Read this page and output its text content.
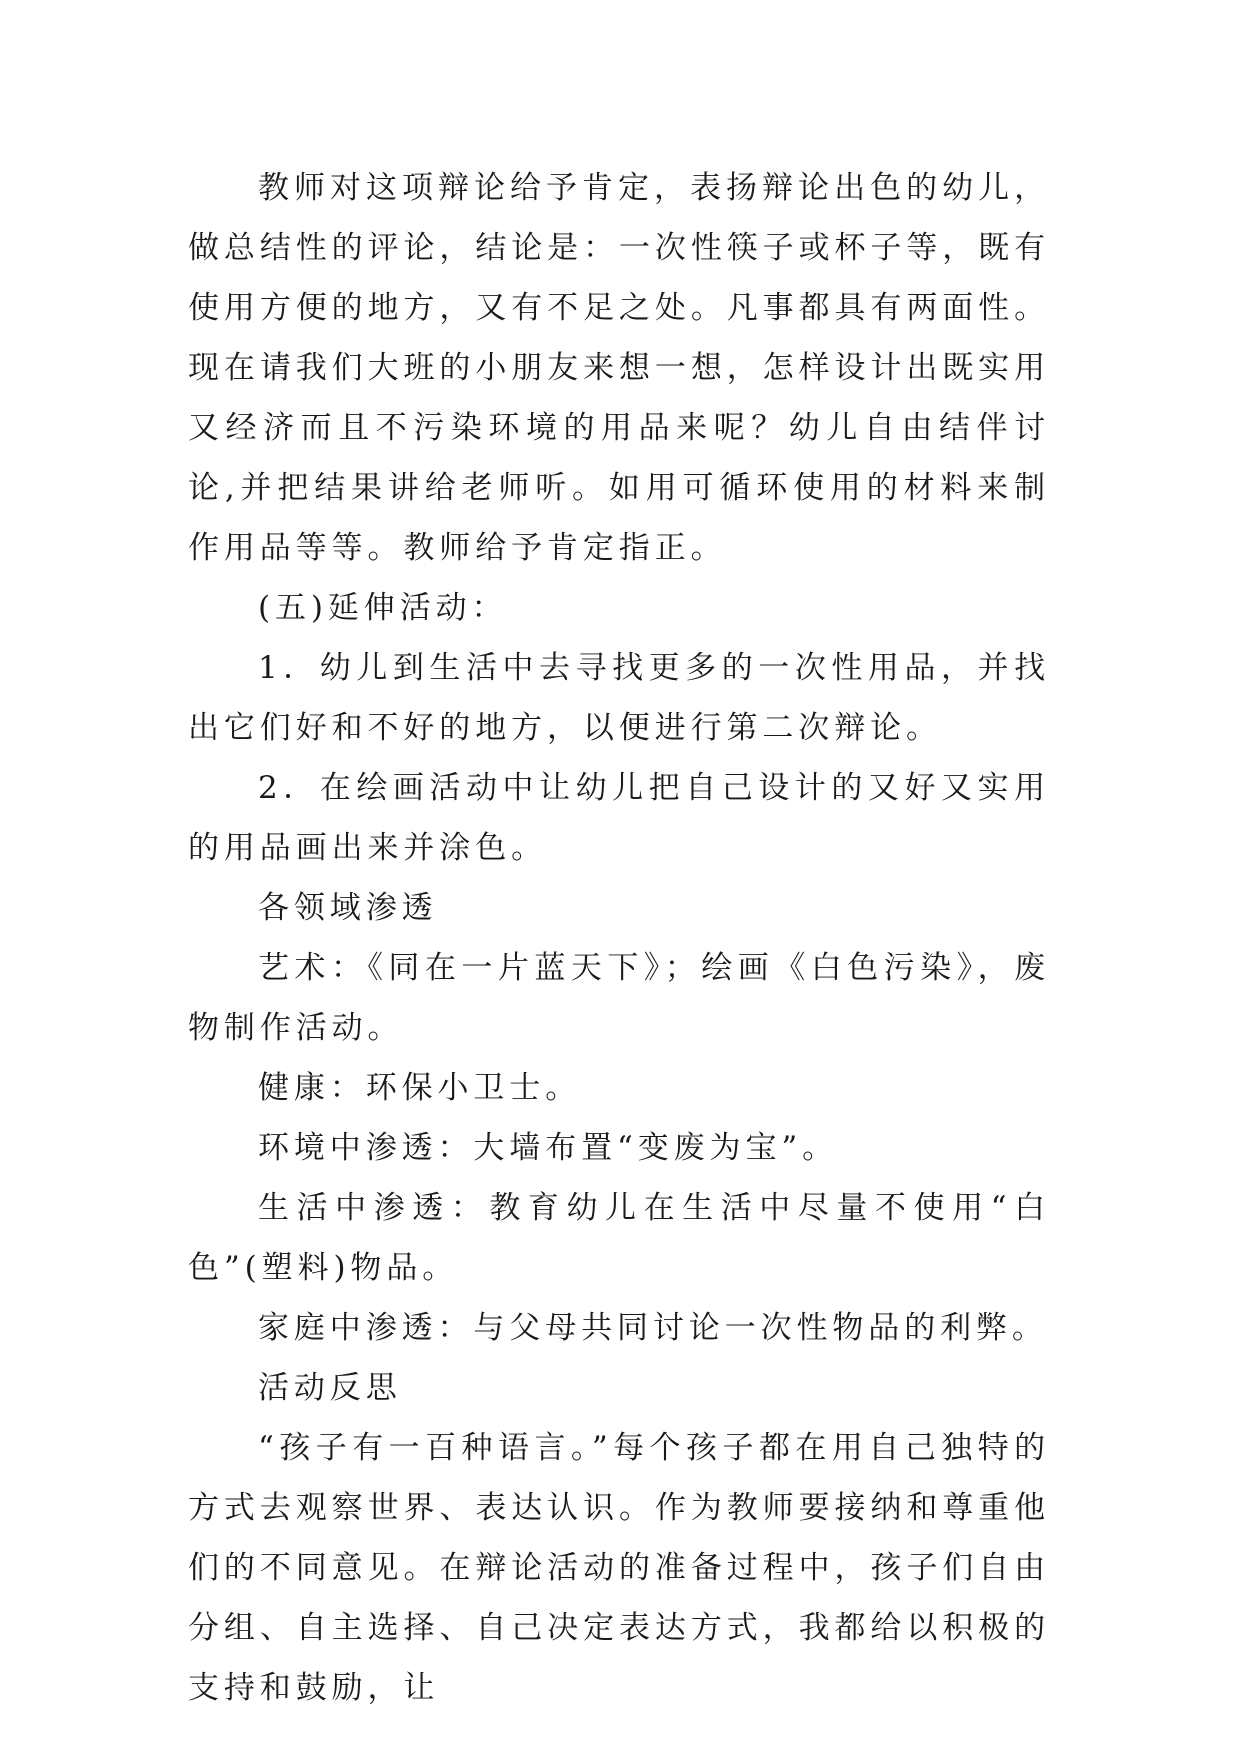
教师对这项辩论给予肯定，表扬辩论出色的幼儿，做总结性的评论，结论是：一次性筷子或杯子等，既有使用方便的地方，又有不足之处。凡事都具有两面性。现在请我们大班的小朋友来想一想，怎样设计出既实用又经济而且不污染环境的用品来呢？幼儿自由结伴讨论,并把结果讲给老师听。如用可循环使用的材料来制作用品等等。教师给予肯定指正。

(五)延伸活动：

1．幼儿到生活中去寻找更多的一次性用品，并找出它们好和不好的地方，以便进行第二次辩论。

2．在绘画活动中让幼儿把自己设计的又好又实用的用品画出来并涂色。

各领域渗透

艺术：《同在一片蓝天下》；绘画《白色污染》，废物制作活动。

健康：环保小卫士。

环境中渗透：大墙布置“变废为宝”。

生活中渗透：教育幼儿在生活中尽量不使用“白色”(塑料)物品。

家庭中渗透：与父母共同讨论一次性物品的利弊。

活动反思

“孩子有一百种语言。”每个孩子都在用自己独特的方式去观察世界、表达认识。作为教师要接纳和尊重他们的不同意见。在辩论活动的准备过程中，孩子们自由分组、自主选择、自己决定表达方式，我都给以积极的支持和鼓励，让
